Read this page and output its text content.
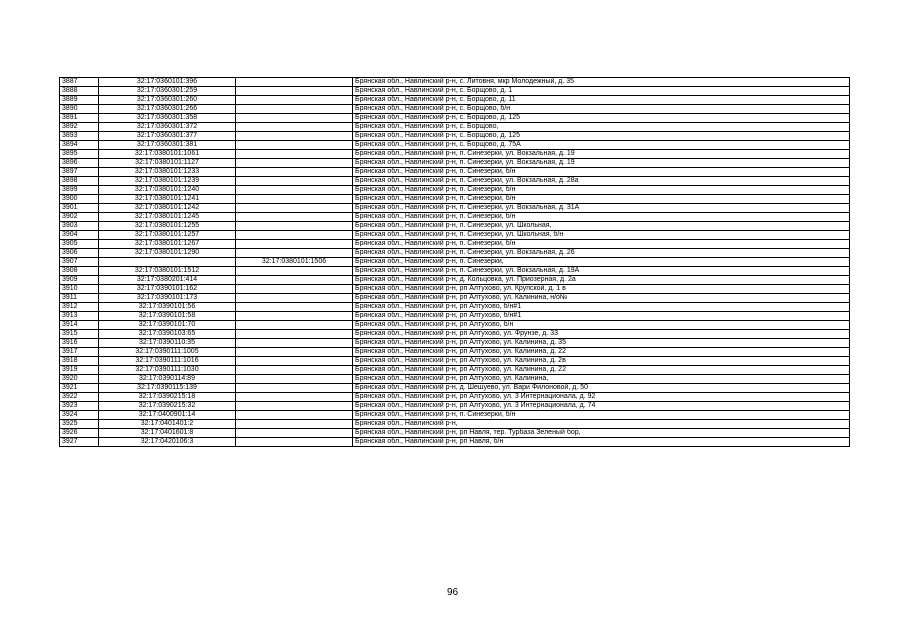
3887	32:17:0360101:396		Брянская обл., Навлинский р-н, с. Литовня, мкр Молодежный, д. 35
3888	32:17:0360301:259		Брянская обл., Навлинский р-н, с. Борщово, д. 1
3889	32:17:0360301:260		Брянская обл., Навлинский р-н, с. Борщово, д. 11
3890	32:17:0360301:266		Брянская обл., Навлинский р-н, с. Борщово, б/н
3891	32:17:0360301:358		Брянская обл., Навлинский р-н, с. Борщово, д. 125
3892	32:17:0360301:372		Брянская обл., Навлинский р-н, с. Борщово,
3893	32:17:0360301:377		Брянская обл., Навлинский р-н, с. Борщово, д. 125
3894	32:17:0360301:381		Брянская обл., Навлинский р-н, с. Борщово, д. 75А
3895	32:17:0380101:1061		Брянская обл., Навлинский р-н, п. Синезерки, ул. Вокзальная, д. 19
3896	32:17:0380101:1127		Брянская обл., Навлинский р-н, п. Синезерки, ул. Вокзальная, д. 19
3897	32:17:0380101:1233		Брянская обл., Навлинский р-н, п. Синезерки, б/н
3898	32:17:0380101:1239		Брянская обл., Навлинский р-н, п. Синезерки, ул. Вокзальная, д. 28а
3899	32:17:0380101:1240		Брянская обл., Навлинский р-н, п. Синезерки, б/н
3900	32:17:0380101:1241		Брянская обл., Навлинский р-н, п. Синезерки, б/н
3901	32:17:0380101:1242		Брянская обл., Навлинский р-н, п. Синезерки, ул. Вокзальная, д. 31А
3902	32:17:0380101:1245		Брянская обл., Навлинский р-н, п. Синезерки, б/н
3903	32:17:0380101:1255		Брянская обл., Навлинский р-н, п. Синезерки, ул. Школьная,
3904	32:17:0380101:1257		Брянская обл., Навлинский р-н, п. Синезерки, ул. Школьная, б/н
3905	32:17:0380101:1267		Брянская обл., Навлинский р-н, п. Синезерки, б/н
3906	32:17:0380101:1290		Брянская обл., Навлинский р-н, п. Синезерки, ул. Вокзальная, д. 26
3907		32:17:0380101:1506	Брянская обл., Навлинский р-н, п. Синезерки,
3908	32:17:0380101:1512		Брянская обл., Навлинский р-н, п. Синезерки, ул. Вокзальная, д. 19А
3909	32:17:0380201:414		Брянская обл., Навлинский р-н, д. Кольцовка, ул. Приозерная, д. 2а
3910	32:17:0390101:162		Брянская обл., Навлинский р-н, рп Алтухово, ул. Крупской, д. 1 в
3911	32:17:0390101:173		Брянская обл., Навлинский р-н, рп Алтухово, ул. Калинина, н/о№
3912	32:17:0390101:56		Брянская обл., Навлинский р-н, рп Алтухово, б/н#1
3913	32:17:0390101:58		Брянская обл., Навлинский р-н, рп Алтухово, б/н#1
3914	32:17:0390101:70		Брянская обл., Навлинский р-н, рп Алтухово, б/н
3915	32:17:0390103:65		Брянская обл., Навлинский р-н, рп Алтухово, ул. Фрунзе, д. 33
3916	32:17:0390110:35		Брянская обл., Навлинский р-н, рп Алтухово, ул. Калинина, д. 35
3917	32:17:0390111:1005		Брянская обл., Навлинский р-н, рп Алтухово, ул. Калинина, д. 22
3918	32:17:0390111:1016		Брянская обл., Навлинский р-н, рп Алтухово, ул. Калинина, д. 2в
3919	32:17:0390111:1030		Брянская обл., Навлинский р-н, рп Алтухово, ул. Калинина, д. 22
3920	32:17:0390114:89		Брянская обл., Навлинский р-н, рп Алтухово, ул. Калинина,
3921	32:17:0390115:139		Брянская обл., Навлинский р-н, д. Шешуево, ул. Вари Филоновой, д. 50
3922	32:17:0390215:18		Брянская обл., Навлинский р-н, рп Алтухово, ул. 3 Интернационала, д. 92
3923	32:17:0390215:32		Брянская обл., Навлинский р-н, рп Алтухово, ул. 3 Интернационала, д. 74
3924	32:17:0400901:14		Брянская обл., Навлинский р-н, п. Синезерки, б/н
3925	32:17:0401401:2		Брянская обл., Навлинский р-н,
3926	32:17:0401601:8		Брянская обл., Навлинский р-н, рп Навля, тер. Турбаза Зеленый бор,
3927	32:17:0420106:3		Брянская обл., Навлинский р-н, рп Навля, б/н
96
